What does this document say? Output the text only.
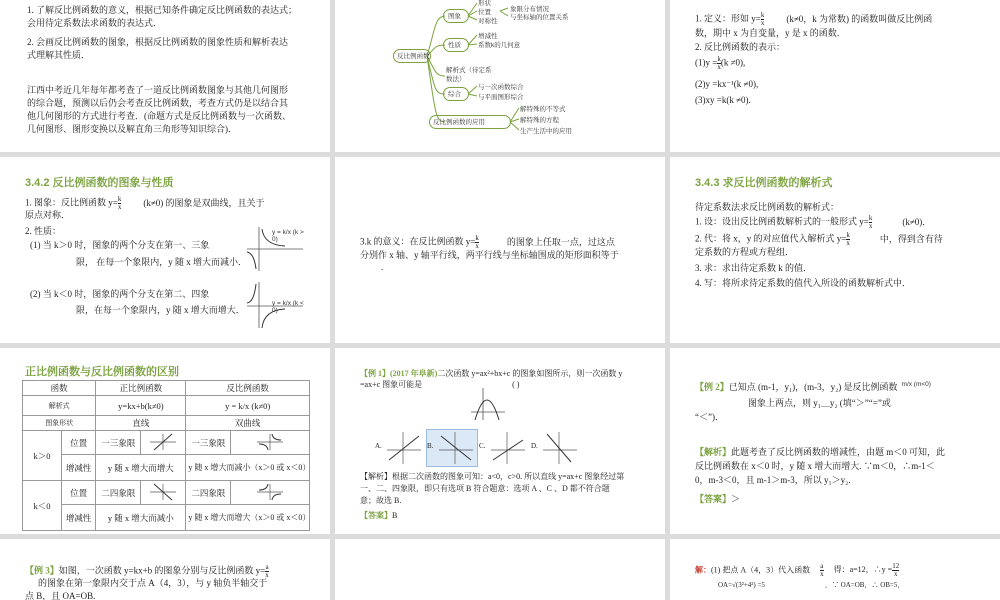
1. 了解反比例函数的意义，根据已知条件确定反比例函数的表达式；
会用待定系数法求函数的表达式．
2. 会画反比例函数的图象，根据反比例函数的图象性质和解析表达
式理解其性质．
江西中考近几年每年都考查了一道反比例函数图象与其他几何图形
的综合题，预测以后仍会考查反比例函数，考查方式仍是以结合其
他几何图形的方式进行考查．(命题方式是反比例函数与一次函数、
几何图形、图形变换以及解直角三角形等知识综合)．
反比例函数
图象
性质
解析式（待定系数法）
综合
反比例函数的应用
形状
位置
对称性
象限分布情况
与坐标轴的位置关系
增减性
系数k的几何意
与一次函数综合
与平面图形综合
解特殊的不等式
解特殊的方程
生产生活中的应用
1. 定义：形如 $y= \frac{k}{x} (k\ne 0$，k 为常数) 的函数叫做反比例函
数，期中 x 为自变量，y 是 x 的函数．
2. 反比例函数的表示：
$(1)y = \frac{k}{x} (k \ne 0)$,
(2)y =kx⁻¹(k ≠0),
(3)xy =k(k ≠0).
3.4.2 反比例函数的图象与性质
1. 图象：反比例函数 $y= \frac{k}{x} (k\ne 0)$ 的图象是双曲线，且关于
原点对称．
2. 性质：
(1) 当 k＞0 时，图象的两个分支在第一、三象
限， 在每一个象限内，y 随 x 增大而减小．
(2) 当 k＜0 时，图象的两个分支在第二、四象
限，在每一个象限内，y 随 x 增大而增大．
y = k/x (k > 0)
y = k/x (k < 0)
3.k 的意义：在反比例函数 $y= \frac{k}{x}$	的图象上任取一点，过这点
分别作 x 轴、y 轴平行线，两平行线与坐标轴围成的矩形面积等于
.
3.4.3 求反比例函数的解析式
待定系数法求反比例函数的解析式：
1. 设：设出反比例函数解析式的一般形式 $y= \frac{k}{x}$	(k≠0)．
2. 代：将 x，y 的对应值代入解析式 $y= \frac{k}{x}$	中，得到含有待
定系数的方程或方程组．
3. 求：求出待定系数 k 的值．
4. 写：将所求待定系数的值代入所设的函数解析式中．
正比例函数与反比例函数的区别
函数		正比例函数		反比例函数	
解析式		y=kx+b(k≠0)		y = k/x (k≠0)	
图象形状		直线		双曲线	
k＞0	位置	一三象限		一三象限	
	增减性	y 随 x 增大而增大		y 随 x 增大而减小（x＞0 或 x＜0）	
k＜0	位置	二四象限		二四象限	
	增减性	y 随 x 增大而减小		y 随 x 增大而增大（x＞0 或 x＜0）	
【例 1】(2017 年阜新)二次函数 y=ax²+bx+c 的图象如图所示，则一次函数 y
=ax+c 图象可能是	( )
A.	B.	C.	D.
【解析】根据二次函数的图象可知：a<0，c>0. 所以直线 y=ax+c 图象经过第
一、二、四象限，即只有选项 B 符合题意：选项 A 、C 、D 都不符合题
意；故选 B.
【答案】B
【例 2】已知点 (m-1，y₁)，(m-3，y₂) 是反比例函数 $^{m/x (m<0)}$
图象上两点，则 y₁＿y₂ (填“＞”“=”或
“＜”)．
【解析】此题考查了反比例函数的增减性，由题 m＜0 可知，此
反比例函数在 x＜0 时，y 随 x 增大而增大. ∵m＜0，∴m-1＜
0，m-3＜0，且 m-1＞m-3，所以 y₁＞y₂.
【答案】＞
【例 3】如图，一次函数 y=kx+b 的图象分别与反比例函数 $y= \frac{a}{x}$
的图象在第一象限内交于点 A（4，3），与 y 轴负半轴交于
点 B，且 OA=OB.
解：(1) 把点 A（4，3）代入函数 $\frac{a}{x}$ 得：a=12，∴y = $\frac{12}{x}$
OA=√(3²+4²) =5	，∵ OA=OB，∴ OB=5，
